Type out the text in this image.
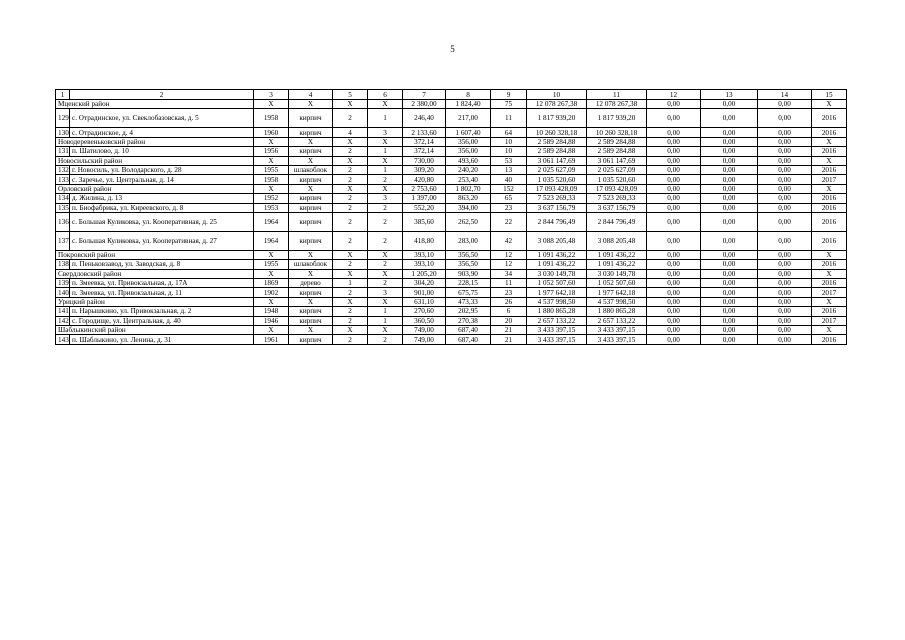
5
1	2	3	4	5	6	7	8	9	10	11	12	13	14	15
Мценский район		X	X	X	X	2 380,00	1 824,40	75	12 078 267,38	12 078 267,38	0,00	0,00	0,00	X
129	с. Отрадинское, ул. Свеклобазовская, д. 5	1958	кирпич	2	1	246,40	217,00	11	1 817 939,20	1 817 939,20	0,00	0,00	0,00	2016
130	с. Отрадинское, д. 4	1960	кирпич	4	3	2 133,60	1 607,40	64	10 260 328,18	10 260 328,18	0,00	0,00	0,00	2016
Новодеревеньковский район		X	X	X	X	372,14	356,00	10	2 589 284,88	2 589 284,88	0,00	0,00	0,00	X
131	п. Шатилово, д. 10	1956	кирпич	2	1	372,14	356,00	10	2 589 284,88	2 589 284,88	0,00	0,00	0,00	2016
Новосильский район		X	X	X	X	730,00	493,60	53	3 061 147,69	3 061 147,69	0,00	0,00	0,00	X
132	г. Новосиль, ул. Володарского, д. 28	1955	шлакоблок	2	1	309,20	240,20	13	2 025 627,09	2 025 627,09	0,00	0,00	0,00	2016
133	с. Заречье, ул. Центральная, д. 14	1958	кирпич	2	2	420,80	253,40	40	1 035 520,60	1 035 520,60	0,00	0,00	0,00	2017
Орловский район		X	X	X	X	2 753,60	1 802,70	152	17 093 428,09	17 093 428,09	0,00	0,00	0,00	X
134	д. Жилина, д. 13	1952	кирпич	2	3	1 397,00	863,20	65	7 523 269,33	7 523 269,33	0,00	0,00	0,00	2016
135	п. Биофабрика, ул. Киреевского, д. 8	1953	кирпич	2	2	552,20	394,00	23	3 637 156,79	3 637 156,79	0,00	0,00	0,00	2016
136	с. Большая Куликовка, ул. Кооперативная, д. 25	1964	кирпич	2	2	385,60	262,50	22	2 844 796,49	2 844 796,49	0,00	0,00	0,00	2016
137	с. Большая Куликовка, ул. Кооперативная, д. 27	1964	кирпич	2	2	418,80	283,00	42	3 088 205,48	3 088 205,48	0,00	0,00	0,00	2016
Покровский район		X	X	X	X	393,10	356,50	12	1 091 436,22	1 091 436,22	0,00	0,00	0,00	X
138	п. Пеньковзавод, ул. Заводская, д. 8	1955	шлакоблок	2	2	393,10	356,50	12	1 091 436,22	1 091 436,22	0,00	0,00	0,00	2016
Свердловский район		X	X	X	X	1 205,20	903,90	34	3 030 149,78	3 030 149,78	0,00	0,00	0,00	X
139	п. Змеевка, ул. Привокзальная, д. 17А	1869	дерево	1	2	304,20	228,15	11	1 052 507,60	1 052 507,60	0,00	0,00	0,00	2016
140	п. Змеевка, ул. Привокзальная, д. 11	1902	кирпич	2	3	901,00	675,75	23	1 977 642,18	1 977 642,18	0,00	0,00	0,00	2017
Урицкий район		X	X	X	X	631,10	473,33	26	4 537 998,50	4 537 998,50	0,00	0,00	0,00	X
141	п. Нарышкино, ул. Привокзальная, д. 2	1948	кирпич	2	1	270,60	202,95	6	1 880 865,28	1 880 865,28	0,00	0,00	0,00	2016
142	с. Городище, ул. Центральная, д. 40	1946	кирпич	2	1	360,50	270,38	20	2 657 133,22	2 657 133,22	0,00	0,00	0,00	2017
Шаблыкинский район		X	X	X	X	749,00	687,40	21	3 433 397,15	3 433 397,15	0,00	0,00	0,00	X
143	п. Шаблыкино, ул. Ленина, д. 31	1961	кирпич	2	2	749,00	687,40	21	3 433 397,15	3 433 397,15	0,00	0,00	0,00	2016
